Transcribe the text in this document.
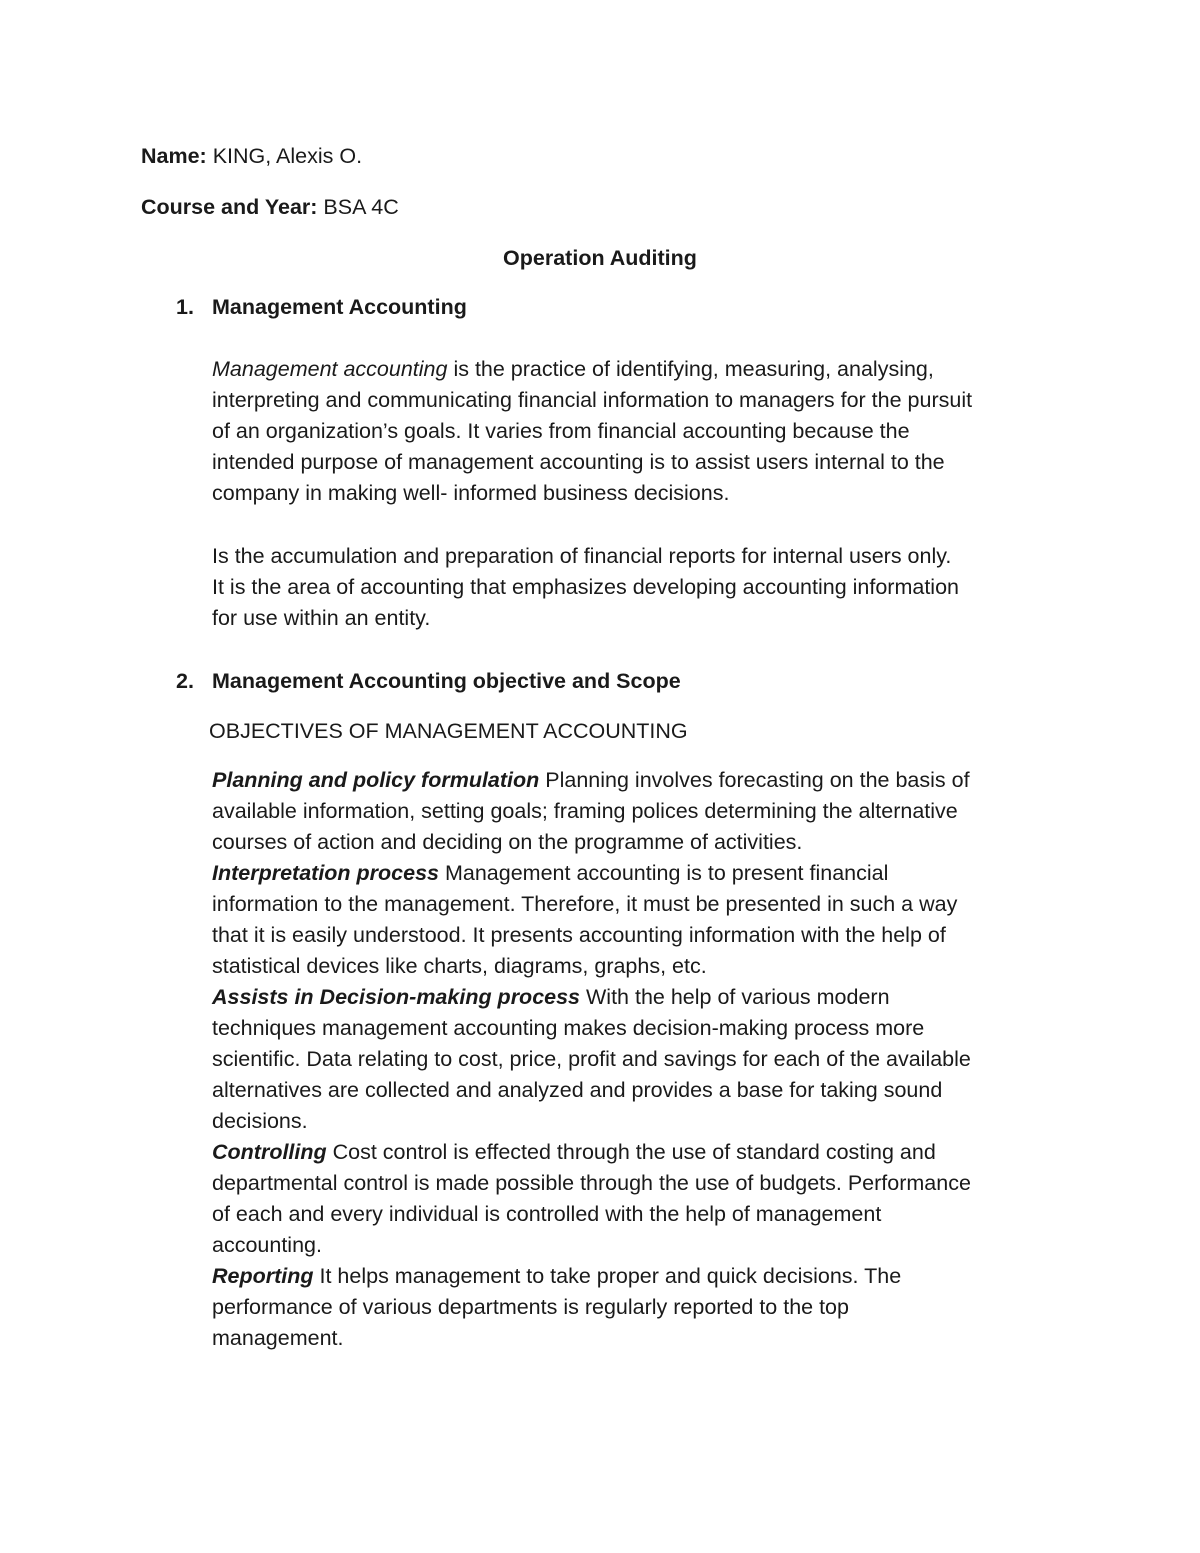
Name: KING, Alexis O.
Course and Year: BSA 4C
Operation Auditing
1. Management Accounting
Management accounting is the practice of identifying, measuring, analysing,
interpreting and communicating financial information to managers for the pursuit
of an organization’s goals. It varies from financial accounting because the
intended purpose of management accounting is to assist users internal to the
company in making well- informed business decisions.
Is the accumulation and preparation of financial reports for internal users only.
It is the area of accounting that emphasizes developing accounting information
for use within an entity.
2. Management Accounting objective and Scope
OBJECTIVES OF MANAGEMENT ACCOUNTING
Planning and policy formulation Planning involves forecasting on the basis of
available information, setting goals; framing polices determining the alternative
courses of action and deciding on the programme of activities.
Interpretation process Management accounting is to present financial
information to the management. Therefore, it must be presented in such a way
that it is easily understood. It presents accounting information with the help of
statistical devices like charts, diagrams, graphs, etc.
Assists in Decision-making process With the help of various modern
techniques management accounting makes decision-making process more
scientific. Data relating to cost, price, profit and savings for each of the available
alternatives are collected and analyzed and provides a base for taking sound
decisions.
Controlling Cost control is effected through the use of standard costing and
departmental control is made possible through the use of budgets. Performance
of each and every individual is controlled with the help of management
accounting.
Reporting It helps management to take proper and quick decisions. The
performance of various departments is regularly reported to the top
management.
